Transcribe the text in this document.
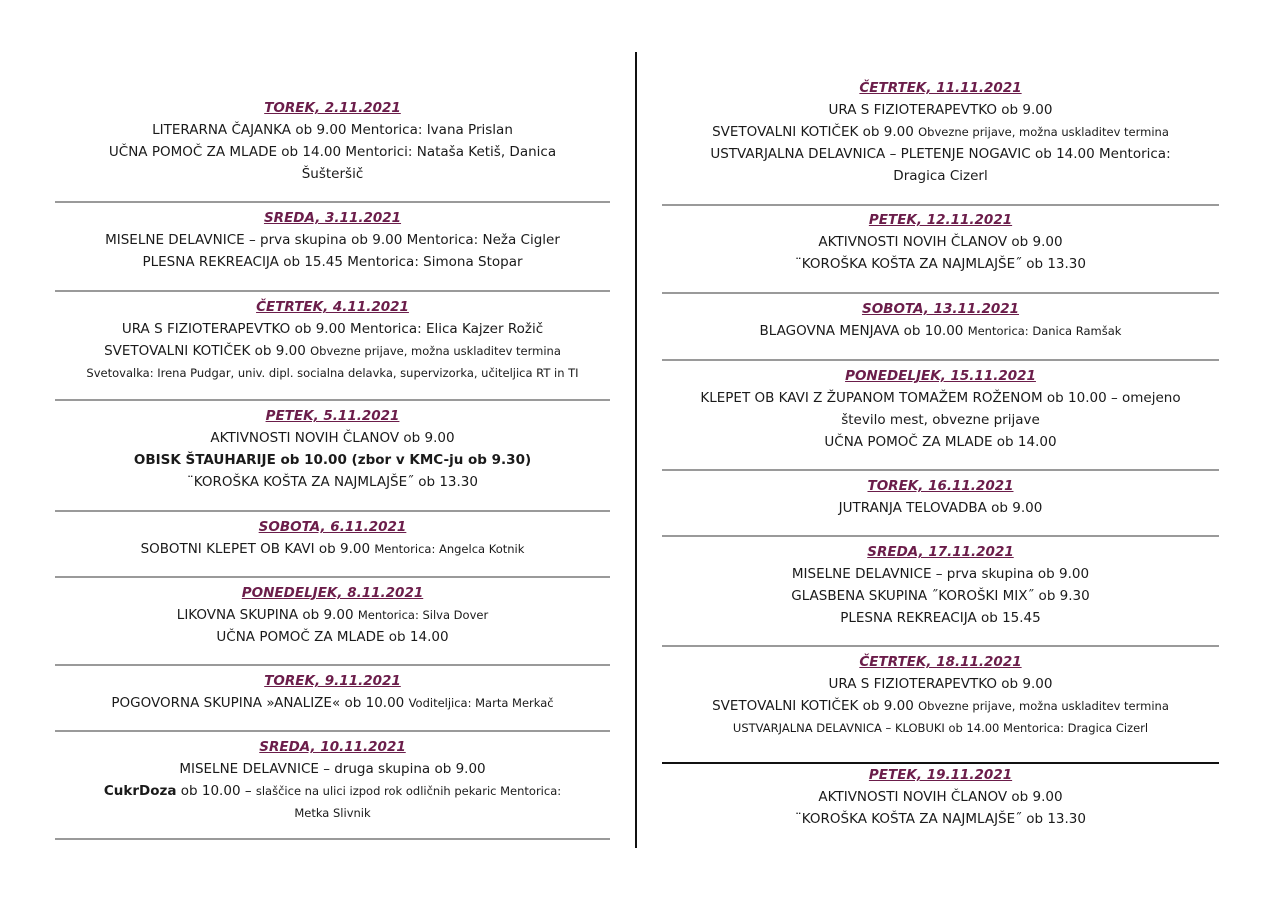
TOREK, 2.11.2021
LITERARNA ČAJANKA ob 9.00 Mentorica: Ivana Prislan
UČNA POMOČ ZA MLADE ob 14.00 Mentorici: Nataša Ketiš, Danica
Šušteršič
SREDA, 3.11.2021
MISELNE DELAVNICE – prva skupina ob 9.00 Mentorica: Neža Cigler
PLESNA REKREACIJA ob 15.45 Mentorica: Simona Stopar
ČETRTEK, 4.11.2021
URA S FIZIOTERAPEVTKO ob 9.00 Mentorica: Elica Kajzer Rožič
SVETOVALNI KOTIČEK ob 9.00 Obvezne prijave, možna uskladitev termina
Svetovalka: Irena Pudgar, univ. dipl. socialna delavka, supervizorka, učiteljica RT in TI
PETEK, 5.11.2021
AKTIVNOSTI NOVIH ČLANOV ob 9.00
OBISK ŠTAUHARIJE ob 10.00 (zbor v KMC-ju ob 9.30)
¨KOROŠKA KOŠTA ZA NAJMLAJŠE˝ ob 13.30
SOBOTA, 6.11.2021
SOBOTNI KLEPET OB KAVI ob 9.00 Mentorica: Angelca Kotnik
PONEDELJEK, 8.11.2021
LIKOVNA SKUPINA ob 9.00 Mentorica: Silva Dover
UČNA POMOČ ZA MLADE ob 14.00
TOREK, 9.11.2021
POGOVORNA SKUPINA »ANALIZE« ob 10.00 Voditeljica: Marta Merkač
SREDA, 10.11.2021
MISELNE DELAVNICE – druga skupina ob 9.00
CukrDoza ob 10.00 – slaščice na ulici izpod rok odličnih pekaric Mentorica:
Metka Slivnik
ČETRTEK, 11.11.2021
URA S FIZIOTERAPEVTKO ob 9.00
SVETOVALNI KOTIČEK ob 9.00 Obvezne prijave, možna uskladitev termina
USTVARJALNA DELAVNICA – PLETENJE NOGAVIC ob 14.00 Mentorica:
Dragica Cizerl
PETEK, 12.11.2021
AKTIVNOSTI NOVIH ČLANOV ob 9.00
¨KOROŠKA KOŠTA ZA NAJMLAJŠE˝ ob 13.30
SOBOTA, 13.11.2021
BLAGOVNA MENJAVA ob 10.00 Mentorica: Danica Ramšak
PONEDELJEK, 15.11.2021
KLEPET OB KAVI Z ŽUPANOM TOMAŽEM ROŽENOM ob 10.00 – omejeno
število mest, obvezne prijave
UČNA POMOČ ZA MLADE ob 14.00
TOREK, 16.11.2021
JUTRANJA TELOVADBA ob 9.00
SREDA, 17.11.2021
MISELNE DELAVNICE – prva skupina ob 9.00
GLASBENA SKUPINA ˝KOROŠKI MIX˝ ob 9.30
PLESNA REKREACIJA ob 15.45
ČETRTEK, 18.11.2021
URA S FIZIOTERAPEVTKO ob 9.00
SVETOVALNI KOTIČEK ob 9.00 Obvezne prijave, možna uskladitev termina
USTVARJALNA DELAVNICA – KLOBUKI ob 14.00 Mentorica: Dragica Cizerl
PETEK, 19.11.2021
AKTIVNOSTI NOVIH ČLANOV ob 9.00
¨KOROŠKA KOŠTA ZA NAJMLAJŠE˝ ob 13.30
